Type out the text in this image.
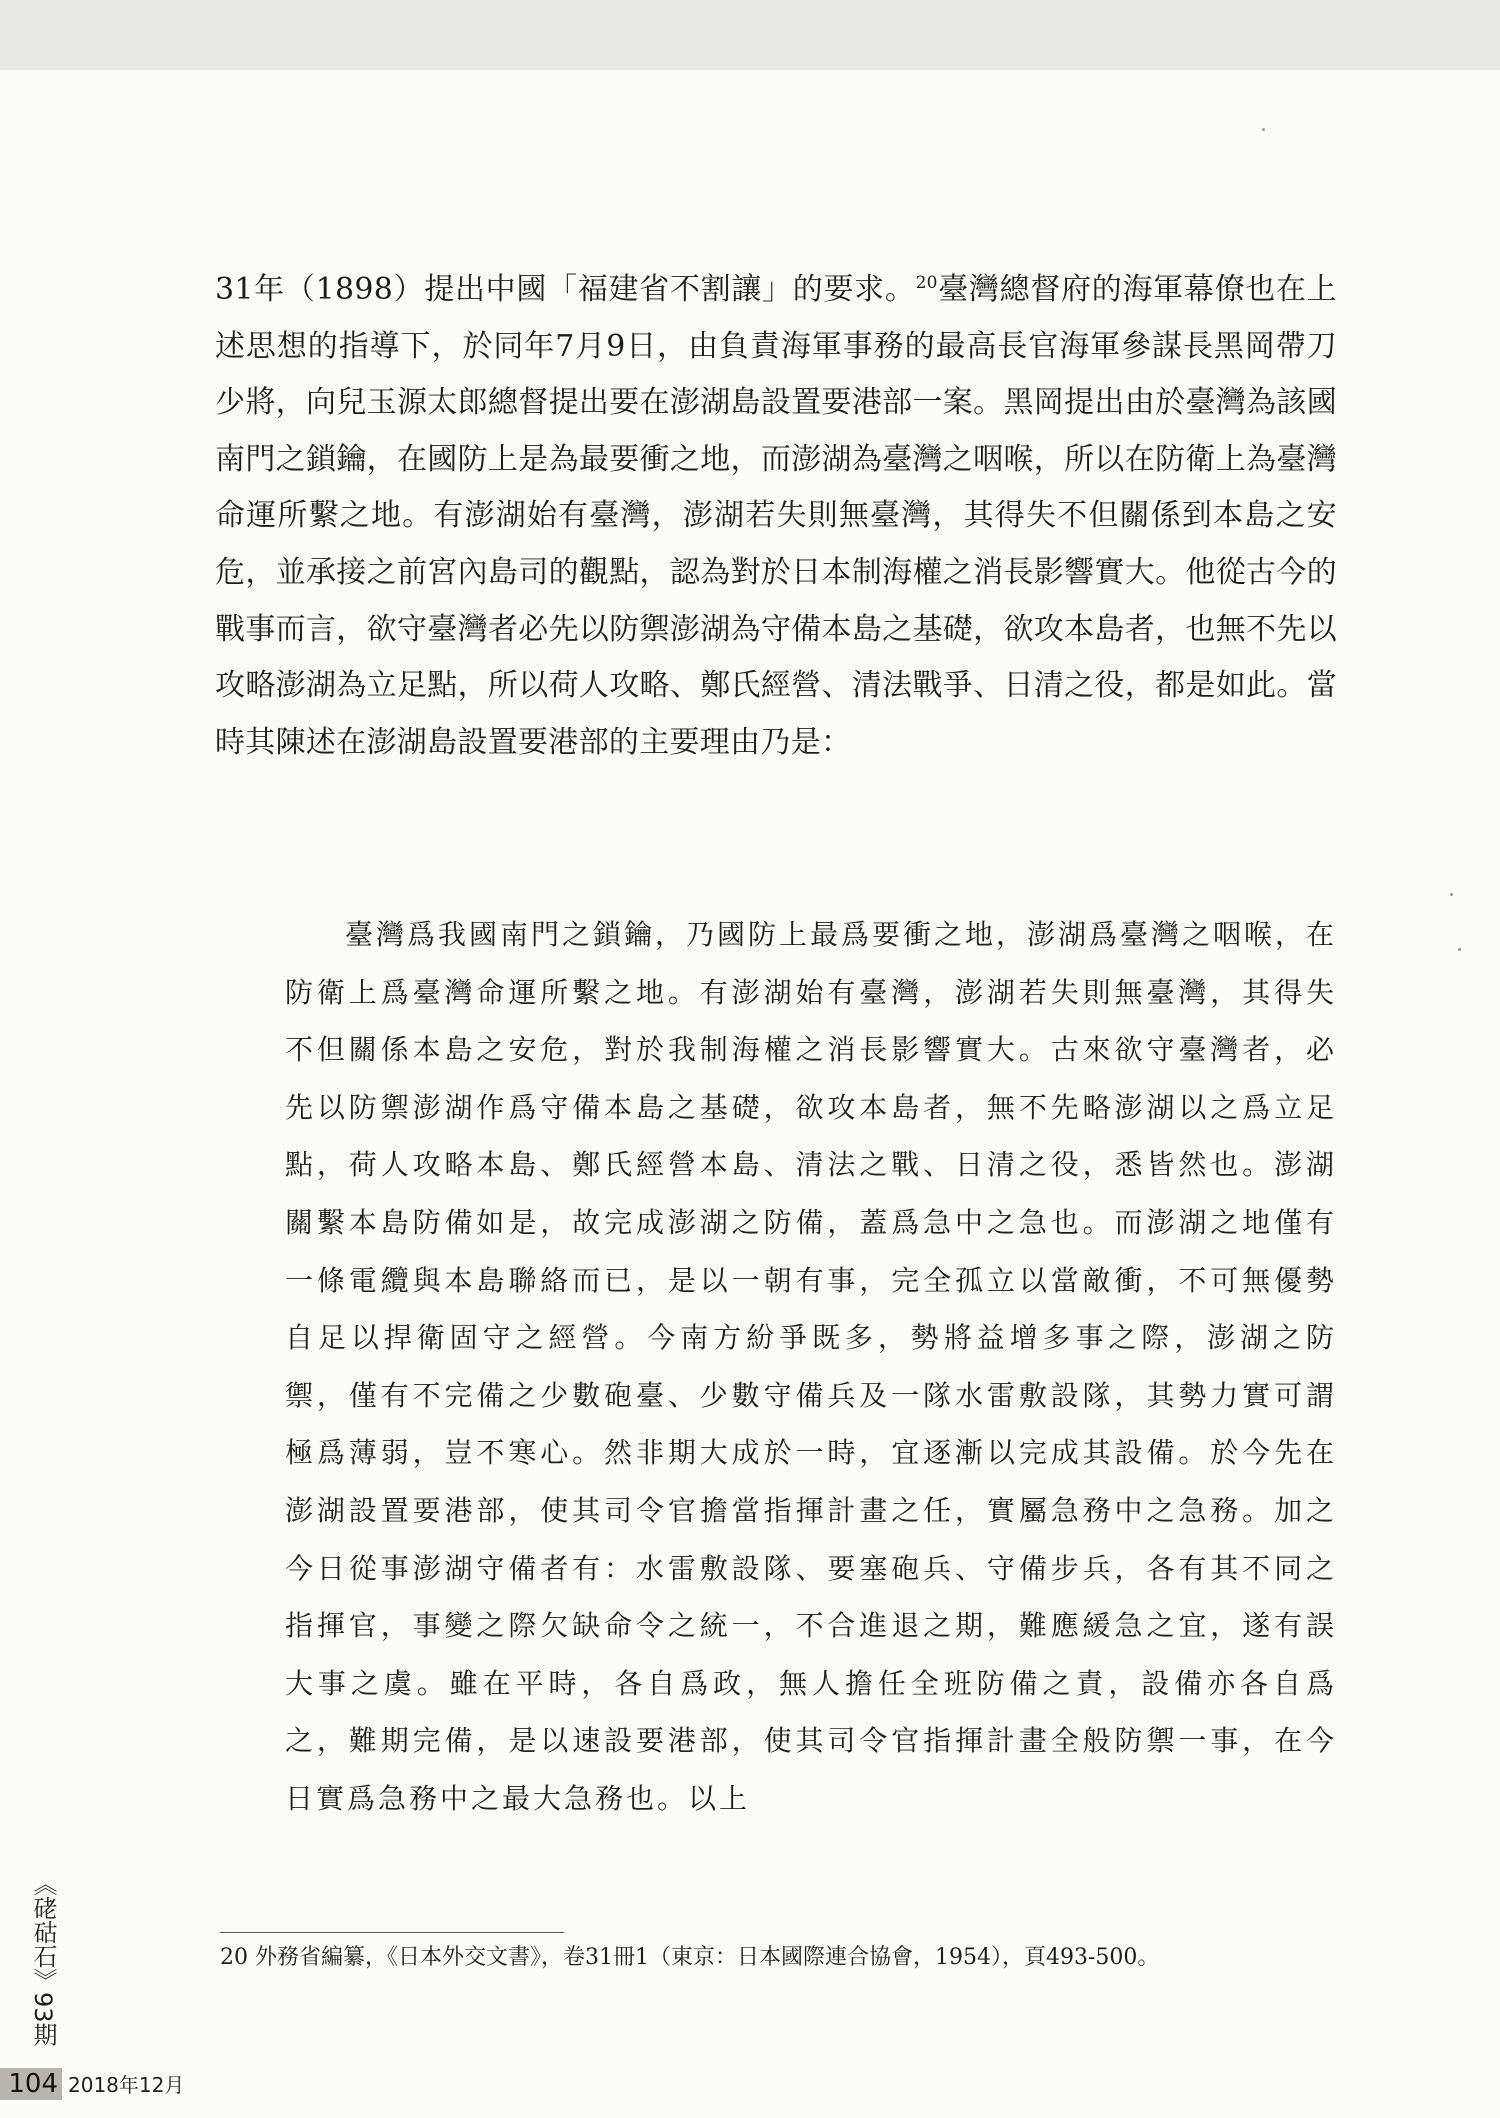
31年（1898）提出中國「福建省不割讓」的要求。$^{20}$臺灣總督府的海軍幕僚也在上述思想的指導下，於同年7月9日，由負責海軍事務的最高長官海軍參謀長黑岡帶刀少將，向兒玉源太郎總督提出要在澎湖島設置要港部一案。黑岡提出由於臺灣為該國南門之鎖鑰，在國防上是為最要衝之地，而澎湖為臺灣之咽喉，所以在防衛上為臺灣命運所繫之地。有澎湖始有臺灣，澎湖若失則無臺灣，其得失不但關係到本島之安危，並承接之前宮內島司的觀點，認為對於日本制海權之消長影響實大。他從古今的戰事而言，欲守臺灣者必先以防禦澎湖為守備本島之基礎，欲攻本島者，也無不先以攻略澎湖為立足點，所以荷人攻略、鄭氏經營、清法戰爭、日清之役，都是如此。當時其陳述在澎湖島設置要港部的主要理由乃是：

臺灣爲我國南門之鎖鑰，乃國防上最爲要衝之地，澎湖爲臺灣之咽喉，在防衛上爲臺灣命運所繫之地。有澎湖始有臺灣，澎湖若失則無臺灣，其得失不但關係本島之安危，對於我制海權之消長影響實大。古來欲守臺灣者，必先以防禦澎湖作爲守備本島之基礎，欲攻本島者，無不先略澎湖以之爲立足點，荷人攻略本島、鄭氏經營本島、清法之戰、日清之役，悉皆然也。澎湖關繫本島防備如是，故完成澎湖之防備，蓋爲急中之急也。而澎湖之地僅有一條電纜與本島聯絡而已，是以一朝有事，完全孤立以當敵衝，不可無優勢自足以捍衛固守之經營。今南方紛爭既多，勢將益增多事之際，澎湖之防禦，僅有不完備之少數砲臺、少數守備兵及一隊水雷敷設隊，其勢力實可謂極爲薄弱，豈不寒心。然非期大成於一時，宜逐漸以完成其設備。於今先在澎湖設置要港部，使其司令官擔當指揮計畫之任，實屬急務中之急務。加之今日從事澎湖守備者有：水雷敷設隊、要塞砲兵、守備步兵，各有其不同之指揮官，事變之際欠缺命令之統一，不合進退之期，難應緩急之宜，遂有誤大事之虞。雖在平時，各自爲政，無人擔任全班防備之責，設備亦各自爲之，難期完備，是以速設要港部，使其司令官指揮計畫全般防禦一事，在今日實爲急務中之最大急務也。以上

20 外務省編纂，《日本外交文書》，卷31冊1（東京：日本國際連合協會，1954），頁493-500。

《硓𥑮石》93期

104 2018年12月
